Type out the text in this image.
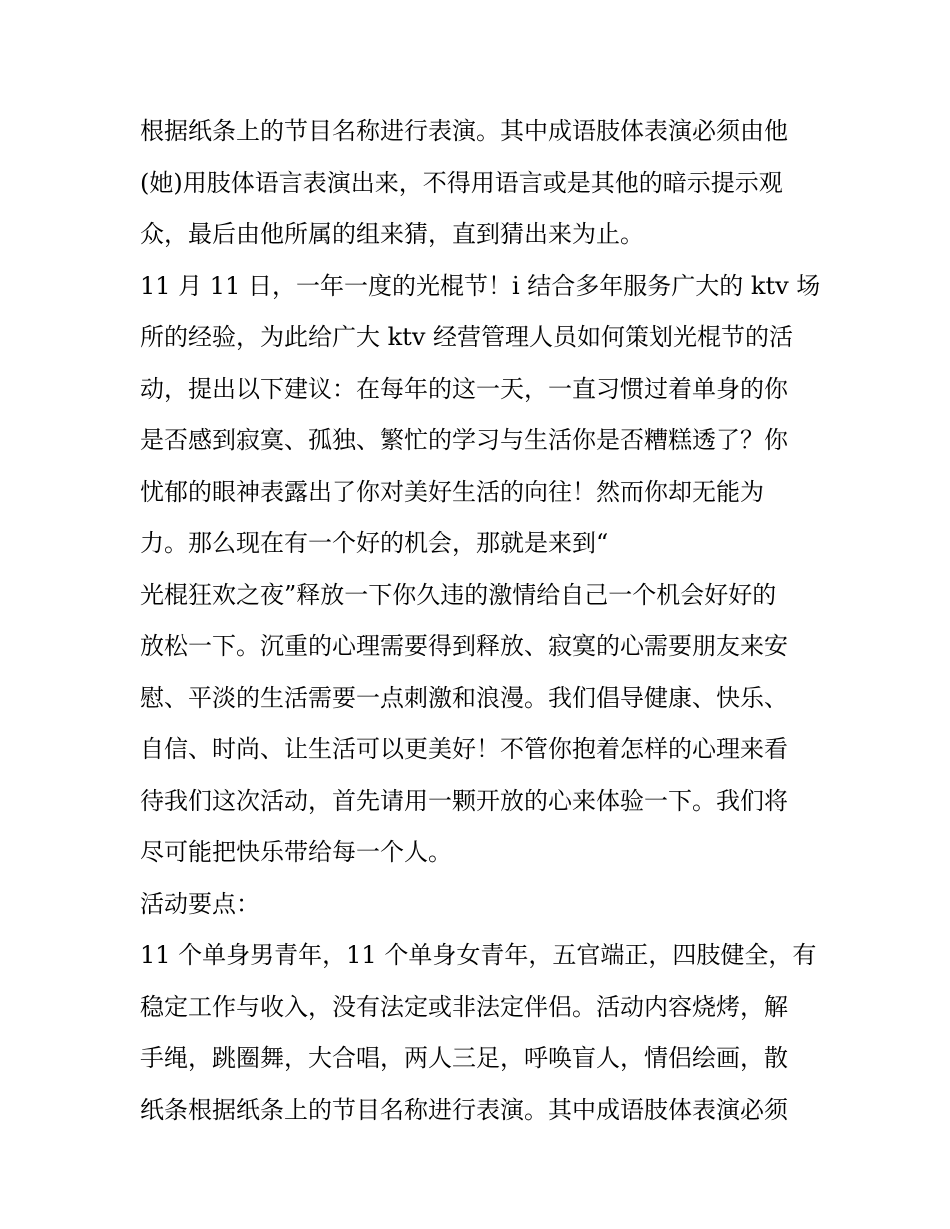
根据纸条上的节目名称进行表演。其中成语肢体表演必须由他
(她)用肢体语言表演出来，不得用语言或是其他的暗示提示观
众，最后由他所属的组来猜，直到猜出来为止。
11 月 11 日，一年一度的光棍节！i 结合多年服务广大的 ktv 场
所的经验，为此给广大 ktv 经营管理人员如何策划光棍节的活
动，提出以下建议：在每年的这一天，一直习惯过着单身的你
是否感到寂寞、孤独、繁忙的学习与生活你是否糟糕透了？你
忧郁的眼神表露出了你对美好生活的向往！然而你却无能为
力。那么现在有一个好的机会，那就是来到“
光棍狂欢之夜”释放一下你久违的激情给自己一个机会好好的
放松一下。沉重的心理需要得到释放、寂寞的心需要朋友来安
慰、平淡的生活需要一点刺激和浪漫。我们倡导健康、快乐、
自信、时尚、让生活可以更美好！不管你抱着怎样的心理来看
待我们这次活动，首先请用一颗开放的心来体验一下。我们将
尽可能把快乐带给每一个人。
活动要点：
11 个单身男青年，11 个单身女青年，五官端正，四肢健全，有
稳定工作与收入，没有法定或非法定伴侣。活动内容烧烤，解
手绳，跳圈舞，大合唱，两人三足，呼唤盲人，情侣绘画，散
纸条根据纸条上的节目名称进行表演。其中成语肢体表演必须
